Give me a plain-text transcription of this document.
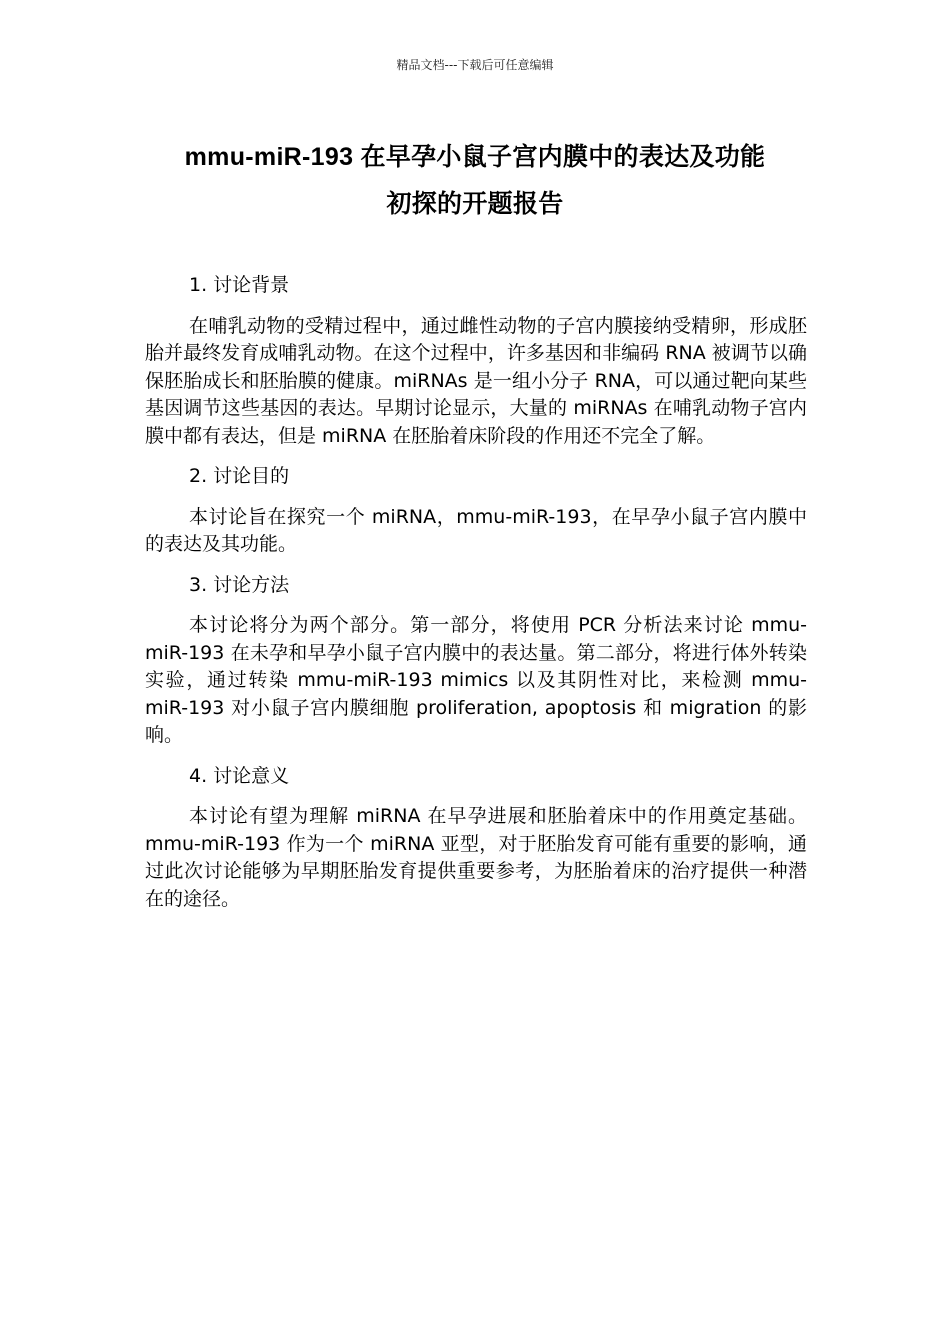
精品文档---下载后可任意编辑
mmu-miR-193 在早孕小鼠子宫内膜中的表达及功能
初探的开题报告

1. 讨论背景

在哺乳动物的受精过程中，通过雌性动物的子宫内膜接纳受精卵，形成胚胎并最终发育成哺乳动物。在这个过程中，许多基因和非编码 RNA 被调节以确保胚胎成长和胚胎膜的健康。miRNAs 是一组小分子 RNA，可以通过靶向某些基因调节这些基因的表达。早期讨论显示，大量的 miRNAs 在哺乳动物子宫内膜中都有表达，但是 miRNA 在胚胎着床阶段的作用还不完全了解。

2. 讨论目的

本讨论旨在探究一个 miRNA，mmu-miR-193，在早孕小鼠子宫内膜中的表达及其功能。

3. 讨论方法

本讨论将分为两个部分。第一部分，将使用 PCR 分析法来讨论 mmu-miR-193 在未孕和早孕小鼠子宫内膜中的表达量。第二部分，将进行体外转染实验，通过转染 mmu-miR-193 mimics 以及其阴性对比，来检测 mmu-miR-193 对小鼠子宫内膜细胞 proliferation, apoptosis 和 migration 的影响。

4. 讨论意义

本讨论有望为理解 miRNA 在早孕进展和胚胎着床中的作用奠定基础。mmu-miR-193 作为一个 miRNA 亚型，对于胚胎发育可能有重要的影响，通过此次讨论能够为早期胚胎发育提供重要参考，为胚胎着床的治疗提供一种潜在的途径。
